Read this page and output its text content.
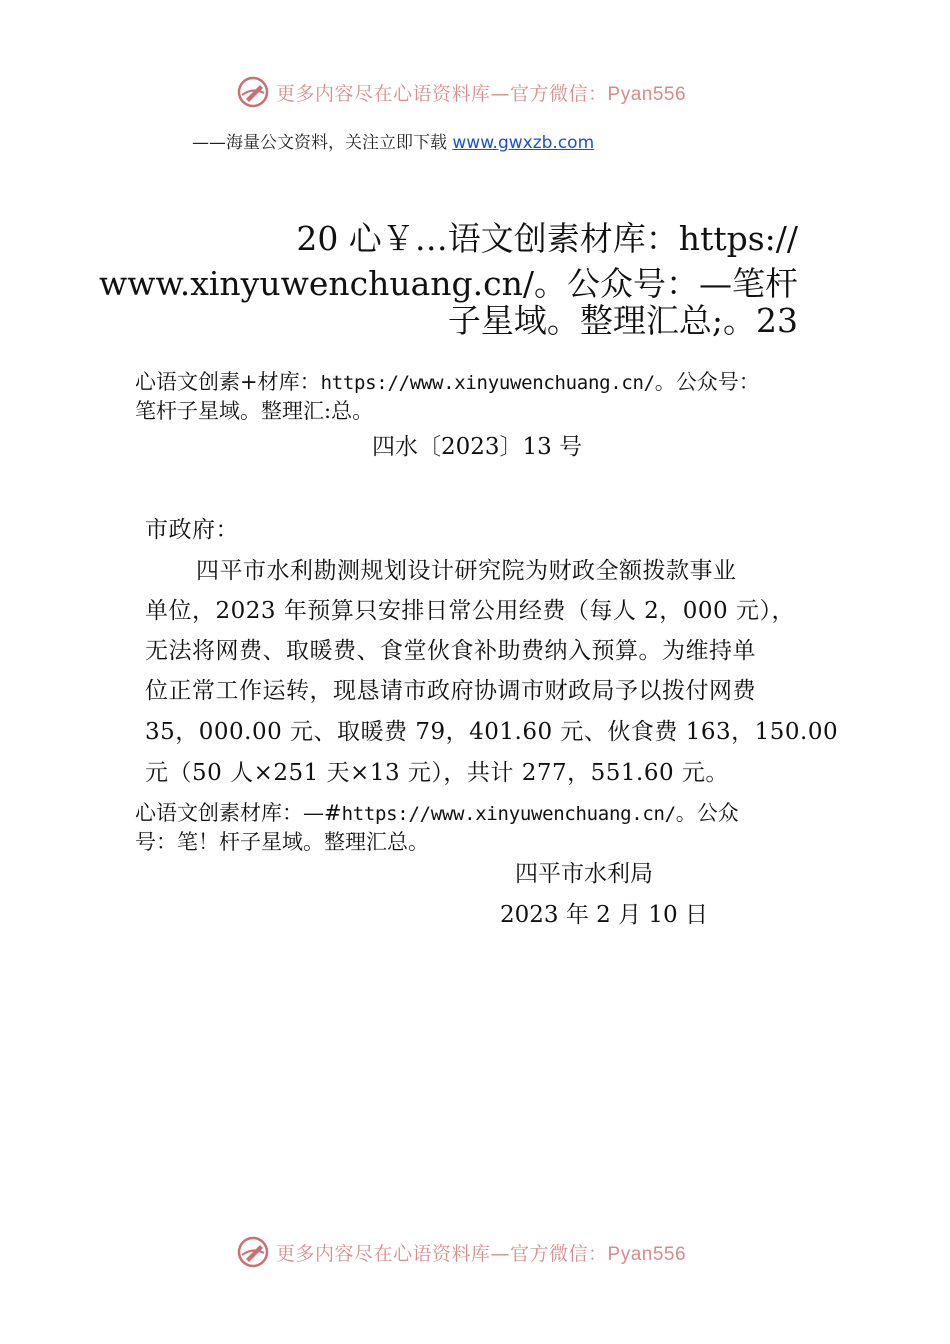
更多内容尽在心语资料库—官方微信：Pyan556
——海量公文资料，关注立即下载 www.gwxzb.com
20 心￥…语文创素材库：https://
www.xinyuwenchuang.cn/。公众号：—笔杆
子星域。整理汇总;。23
心语文创素+材库：https://www.xinyuwenchuang.cn/。公众号：
笔杆子星域。整理汇:总。
四水〔2023〕13 号
市政府：
四平市水利勘测规划设计研究院为财政全额拨款事业
单位，2023 年预算只安排日常公用经费（每人 2，000 元），
无法将网费、取暖费、食堂伙食补助费纳入预算。为维持单
位正常工作运转，现恳请市政府协调市财政局予以拨付网费
35，000.00 元、取暖费 79，401.60 元、伙食费 163，150.00
元（50 人×251 天×13 元），共计 277，551.60 元。
心语文创素材库：—#https://www.xinyuwenchuang.cn/。公众
号：笔！杆子星域。整理汇总。
四平市水利局
2023 年 2 月 10 日
更多内容尽在心语资料库—官方微信：Pyan556
